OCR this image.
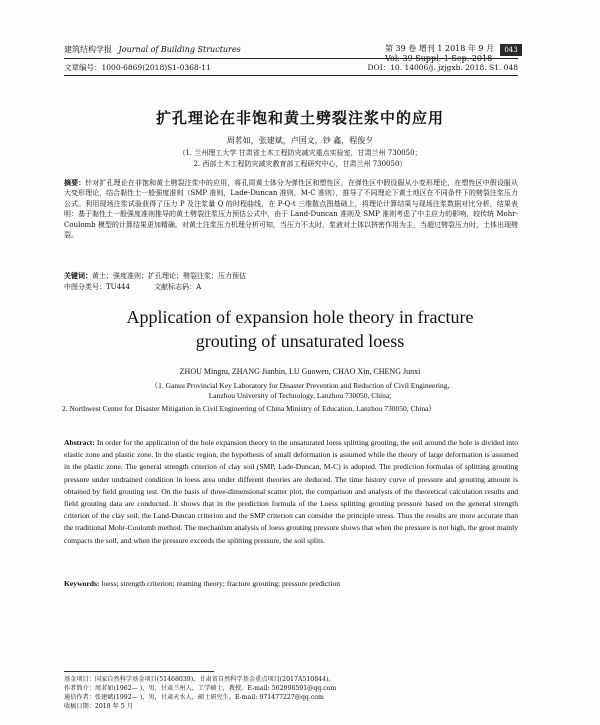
建筑结构学报 Journal of Building Structures	第 39 卷 增刊 1 2018 年 9 月
Vol. 39 Suppl. 1 Sep. 2018
043
文章编号：1000-6869(2018)S1-0368-11	DOI：10. 14006/j. jzjgxb. 2018. S1. 048
扩孔理论在非饱和黄土劈裂注浆中的应用
周茗如，张建斌，卢国文，钞 鑫，程俊夕
（1. 兰州理工大学 甘肃省土木工程防灾减灾重点实验室，甘肃兰州 730050；
2. 西部土木工程防灾减灾教育部工程研究中心，甘肃兰州 730050）
摘要：针对扩孔理论在非饱和黄土劈裂注浆中的应用，将孔周黄土体分为弹性区和塑性区，在弹性区中假设服从小变形理论，在塑性区中假设服从大变形理论，结合黏性土一般强度准则（SMP 准则，Lade-Duncan 准则，M-C 准则），推导了不同理论下黄土地区在不同条件下的劈裂注浆压力公式。利用现场注浆试验获得了压力 P 及注浆量 Q 的时程曲线，在 P-Q-t 三维散点图基础上，将理论计算结果与现场注浆数据对比分析，结果表明：基于黏性土一般强度准则推导的黄土劈裂注浆压力预估公式中，由于 Land-Duncan 准则及 SMP 准则考虑了中主应力的影响，较传统 Mohr-Coulomb 模型的计算结果更加精确。对黄土注浆压力机理分析可知，当压力不太时，浆液对土体以挤密作用为主，当超过劈裂压力时，土体出现劈裂。
关键词：黄土；强度准则；扩孔理论；劈裂注浆；压力预估
中图分类号：TU444	文献标志码：A
Application of expansion hole theory in fracture
grouting of unsaturated loess
ZHOU Mingru, ZHANG Jianbin, LU Guowen, CHAO Xin, CHENG Junxi
（1. Gansu Provincial Key Laboratory for Disaster Prevention and Reduction of Civil Engineering,
Lanzhou University of Technology, Lanzhou 730050, China;
2. Northwest Center for Disaster Mitigation in Civil Engineering of China Ministry of Education, Lanzhou 730050, China）
Abstract: In order for the application of the hole expansion theory to the unsaturated loess splitting grouting, the soil around the hole is divided into elastic zone and plastic zone. In the elastic region, the hypothesis of small deformation is assumed while the theory of large deformation is assumed in the plastic zone. The general strength criterion of clay soil (SMP, Lade-Duncan, M-C) is adopted. The prediction formulas of splitting grouting pressure under undrained condition in loess area under different theories are deduced. The time history curve of pressure and grouting amount is obtained by field grouting test. On the basis of three-dimensional scatter plot, the comparison and analysis of the theoretical calculation results and field grouting data are conducted. It shows that in the prediction formula of the Loess splitting grouting pressure based on the general strength criterion of the clay soil, the Land-Duncan criterion and the SMP criterion can consider the principle stress. Thus the results are more accurate than the traditional Mohr-Coulomb method. The mechanism analysis of loess grouting pressure shows that when the pressure is not high, the grout mainly compacts the soil, and when the pressure exceeds the splitting pressure, the soil splits.
Keywords: loess; strength criterion; reaming theory; fracture grouting; pressure prediction
基金项目：国家自然科学基金项目(51468039)，甘肃省自然科学基金重点项目(2017A510844)。
作者简介：周茗如(1962— )，男，甘肃兰州人，工学硕士，教授。E-mail: 562998591@qq.com
通信作者：张建斌(1992— )，男，甘肃天水人，硕士研究生。E-mail: 971477227@qq.com
收稿日期：2018 年 5 月
